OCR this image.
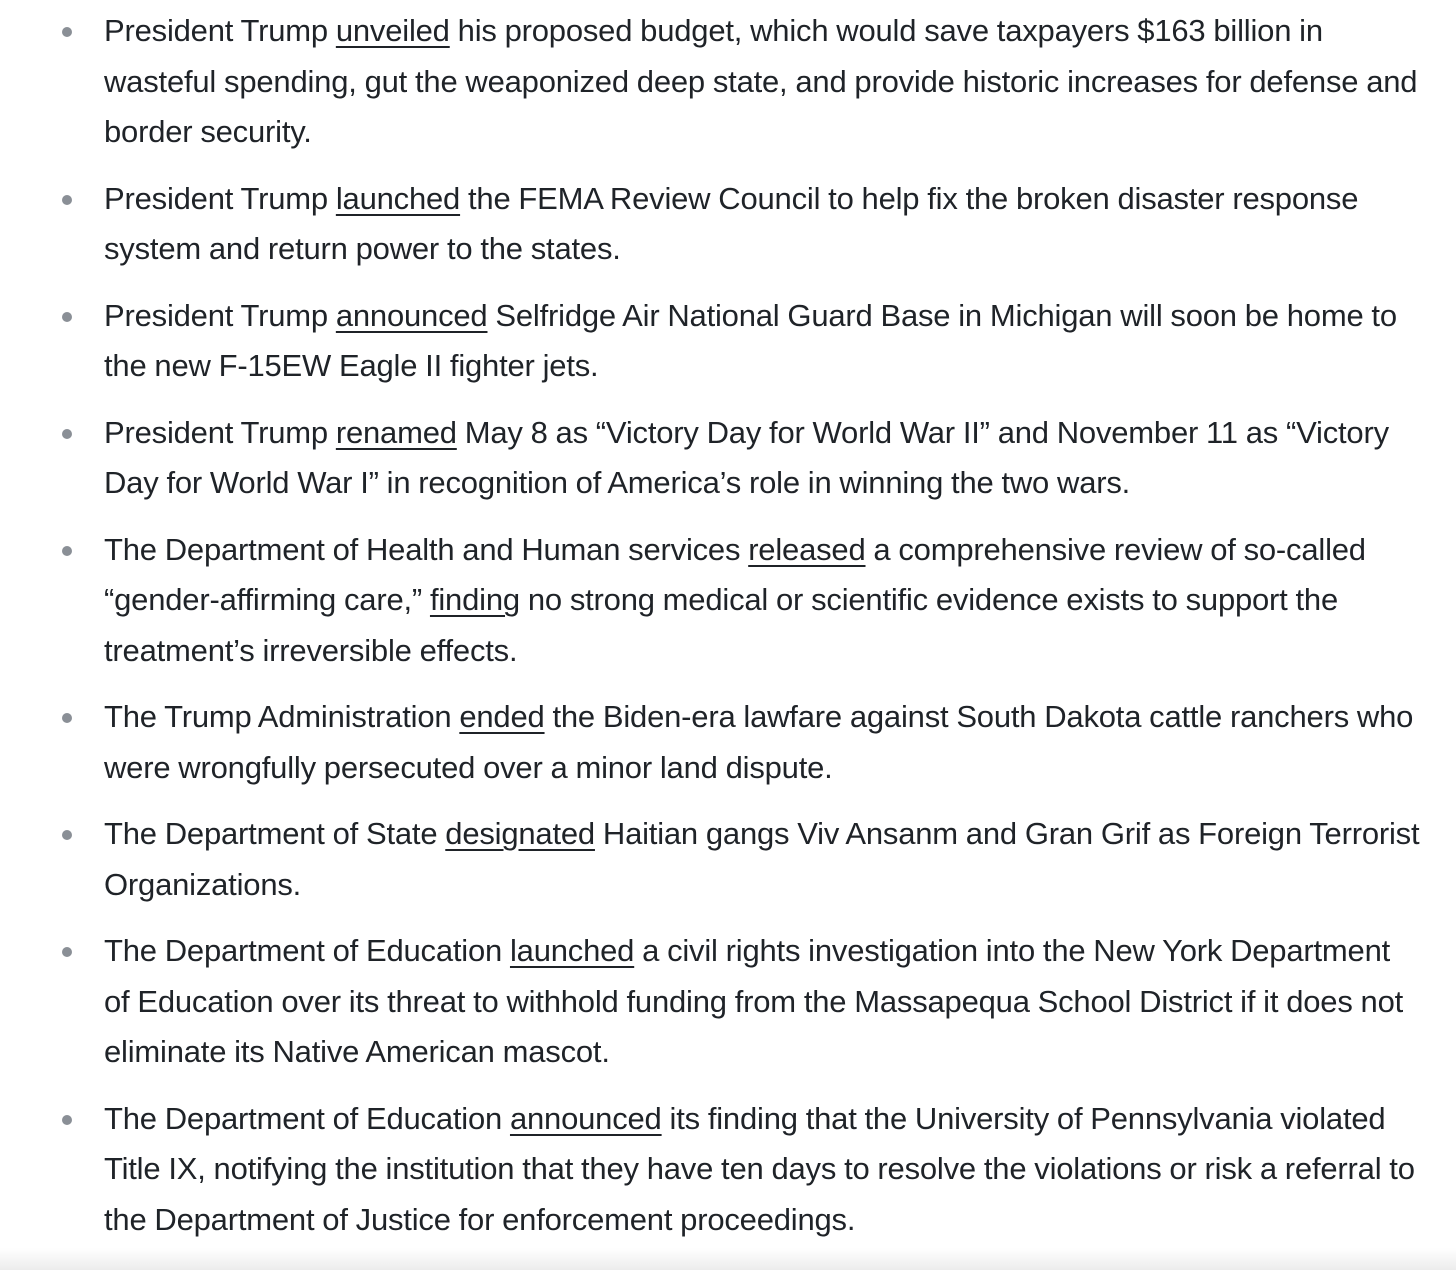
President Trump unveiled his proposed budget, which would save taxpayers $163 billion in wasteful spending, gut the weaponized deep state, and provide historic increases for defense and border security.
President Trump launched the FEMA Review Council to help fix the broken disaster response system and return power to the states.
President Trump announced Selfridge Air National Guard Base in Michigan will soon be home to the new F-15EW Eagle II fighter jets.
President Trump renamed May 8 as “Victory Day for World War II” and November 11 as “Victory Day for World War I” in recognition of America’s role in winning the two wars.
The Department of Health and Human services released a comprehensive review of so-called “gender-affirming care,” finding no strong medical or scientific evidence exists to support the treatment’s irreversible effects.
The Trump Administration ended the Biden-era lawfare against South Dakota cattle ranchers who were wrongfully persecuted over a minor land dispute.
The Department of State designated Haitian gangs Viv Ansanm and Gran Grif as Foreign Terrorist Organizations.
The Department of Education launched a civil rights investigation into the New York Department of Education over its threat to withhold funding from the Massapequa School District if it does not eliminate its Native American mascot.
The Department of Education announced its finding that the University of Pennsylvania violated Title IX, notifying the institution that they have ten days to resolve the violations or risk a referral to the Department of Justice for enforcement proceedings.
